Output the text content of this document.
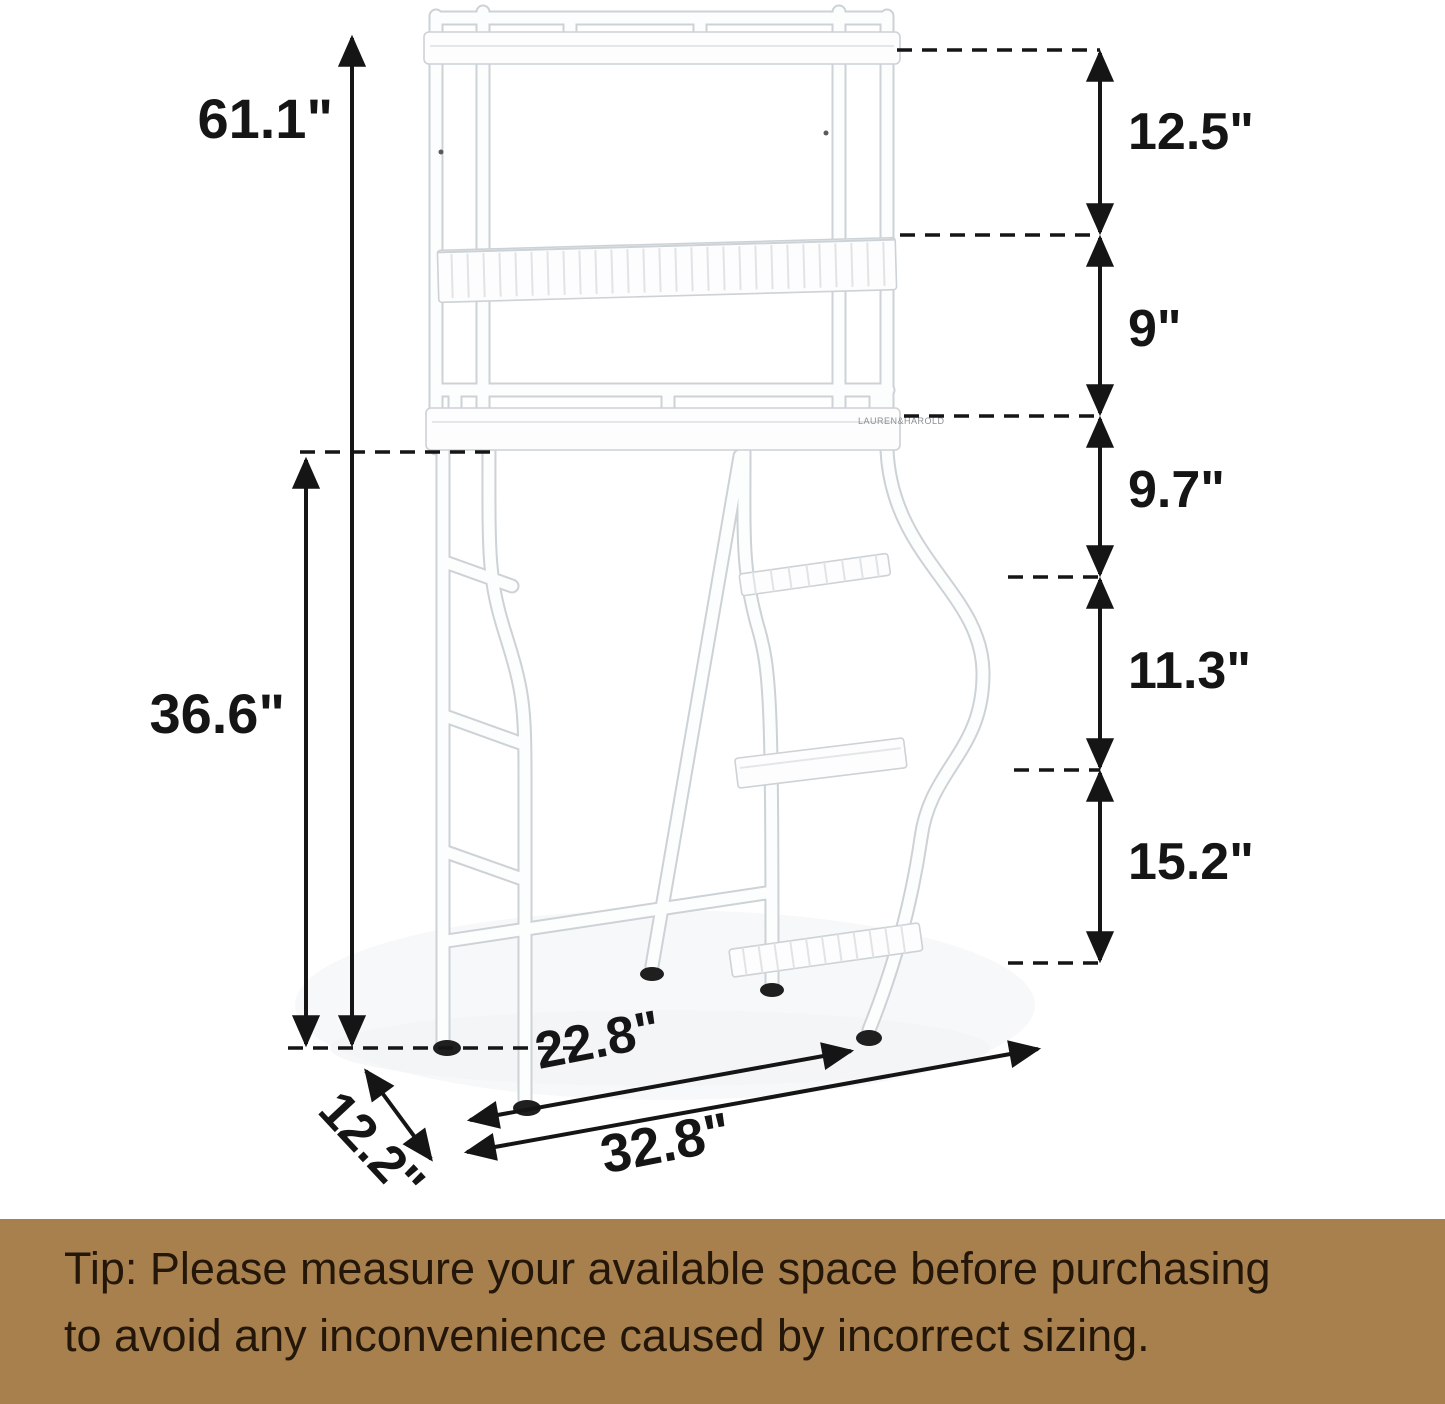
LAUREN&HAROLD
61.1"
36.6"
12.5"
9"
9.7"
11.3"
15.2"
22.8"
32.8"
12.2"
Tip: Please measure your available space before purchasing
to avoid any inconvenience caused by incorrect sizing.
